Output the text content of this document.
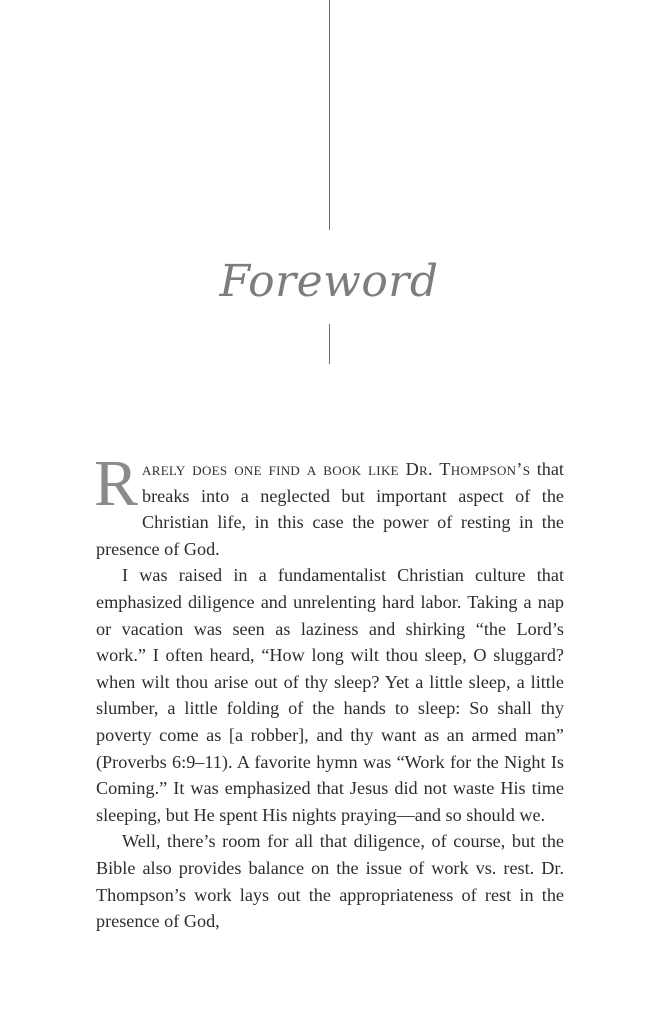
Foreword

Rarely does one find a book like Dr. Thompson’s that breaks into a neglected but important aspect of the Christian life, in this case the power of resting in the presence of God.

I was raised in a fundamentalist Christian culture that emphasized diligence and unrelenting hard labor. Taking a nap or vacation was seen as laziness and shirking “the Lord’s work.” I often heard, “How long wilt thou sleep, O sluggard? when wilt thou arise out of thy sleep? Yet a little sleep, a little slumber, a little folding of the hands to sleep: So shall thy poverty come as [a robber], and thy want as an armed man” (Proverbs 6:9–11). A favorite hymn was “Work for the Night Is Coming.” It was emphasized that Jesus did not waste His time sleeping, but He spent His nights praying—and so should we.

Well, there’s room for all that diligence, of course, but the Bible also provides balance on the issue of work vs. rest. Dr. Thompson’s work lays out the appropriateness of rest in the presence of God,
